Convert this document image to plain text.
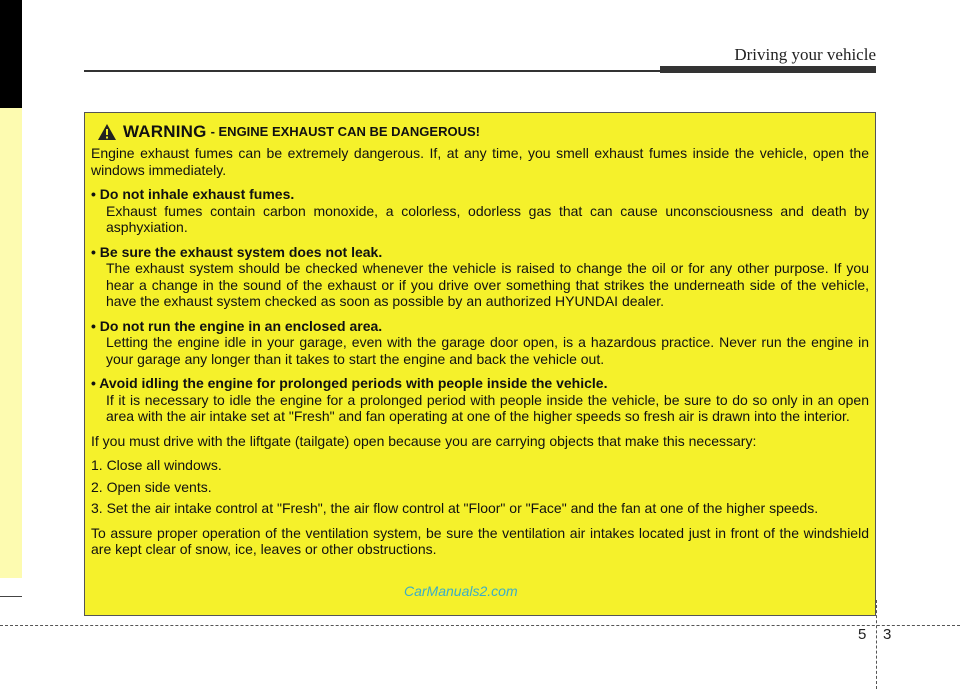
Driving your vehicle
WARNING - ENGINE EXHAUST CAN BE DANGEROUS!

Engine exhaust fumes can be extremely dangerous. If, at any time, you smell exhaust fumes inside the vehicle, open the windows immediately.

• Do not inhale exhaust fumes.

Exhaust fumes contain carbon monoxide, a colorless, odorless gas that can cause unconsciousness and death by asphyxiation.

• Be sure the exhaust system does not leak.

The exhaust system should be checked whenever the vehicle is raised to change the oil or for any other purpose. If you hear a change in the sound of the exhaust or if you drive over something that strikes the underneath side of the vehicle, have the exhaust system checked as soon as possible by an authorized HYUNDAI dealer.

• Do not run the engine in an enclosed area.

Letting the engine idle in your garage, even with the garage door open, is a hazardous practice. Never run the engine in your garage any longer than it takes to start the engine and back the vehicle out.

• Avoid idling the engine for prolonged periods with people inside the vehicle.

If it is necessary to idle the engine for a prolonged period with people inside the vehicle, be sure to do so only in an open area with the air intake set at "Fresh" and fan operating at one of the higher speeds so fresh air is drawn into the interior.

If you must drive with the liftgate (tailgate) open because you are carrying objects that make this necessary:

1. Close all windows.
2. Open side vents.
3. Set the air intake control at "Fresh", the air flow control at "Floor" or "Face" and the fan at one of the higher speeds.

To assure proper operation of the ventilation system, be sure the ventilation air intakes located just in front of the windshield are kept clear of snow, ice, leaves or other obstructions.

CarManuals2.com
5 3
